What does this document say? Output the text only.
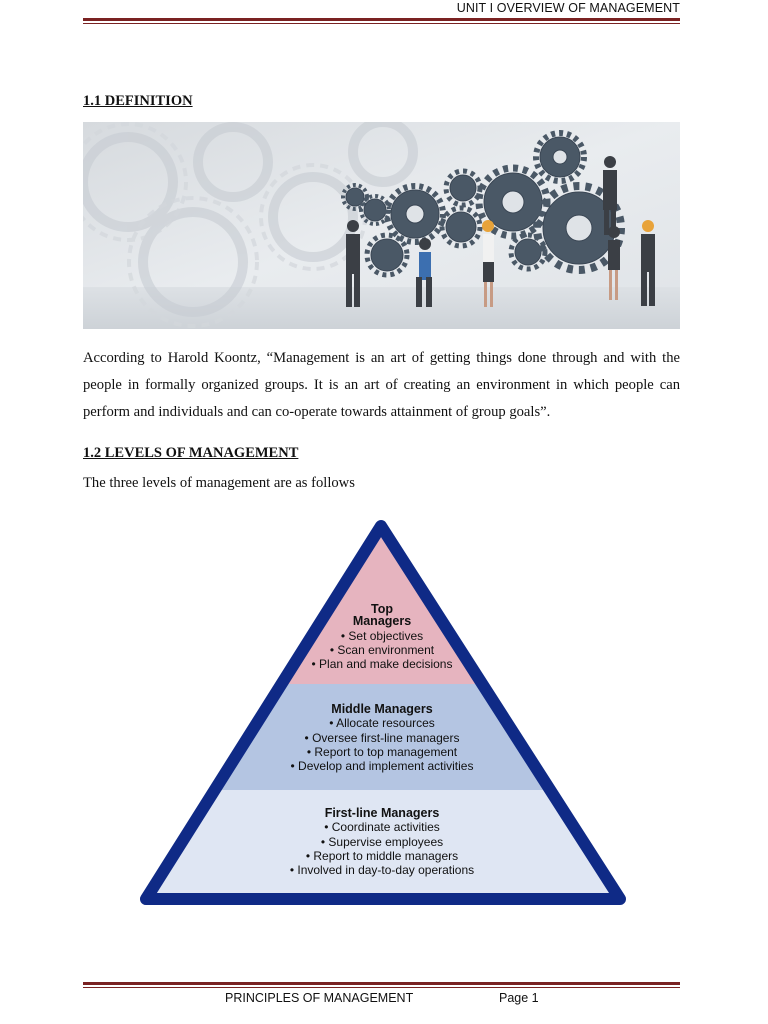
UNIT I OVERVIEW OF MANAGEMENT
1.1 DEFINITION
According to Harold Koontz, “Management is an art of getting things done through and with the people in formally organized groups. It is an art of creating an environment in which people can perform and individuals and can co-operate towards attainment of group goals”.
1.2 LEVELS OF MANAGEMENT
The three levels of management are as follows
Top
Managers
• Set objectives
• Scan environment
• Plan and make decisions
Middle Managers
• Allocate resources
• Oversee first-line managers
• Report to top management
• Develop and implement activities
First-line Managers
• Coordinate activities
• Supervise employees
• Report to middle managers
• Involved in day-to-day operations
PRINCIPLES OF MANAGEMENT	Page 1
